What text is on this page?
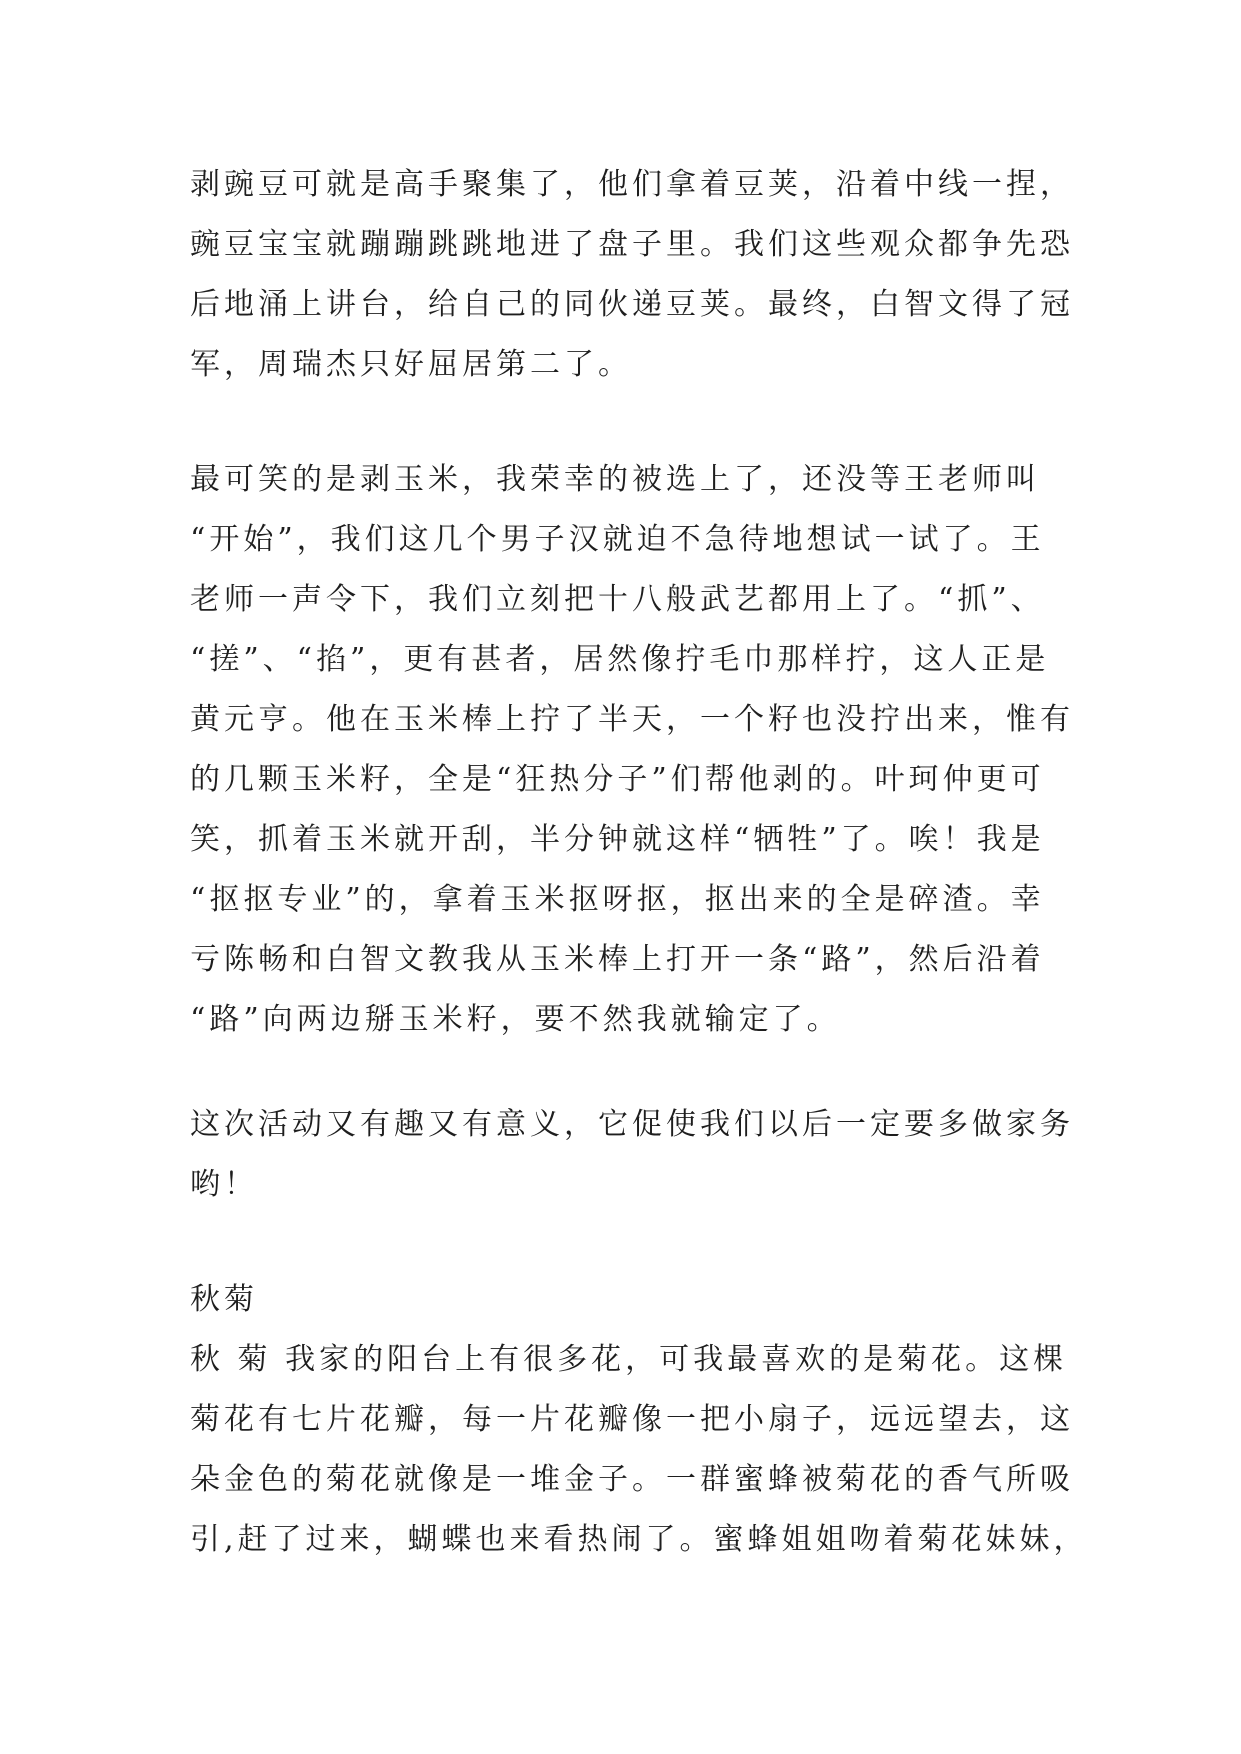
剥豌豆可就是高手聚集了，他们拿着豆荚，沿着中线一捏，
豌豆宝宝就蹦蹦跳跳地进了盘子里。我们这些观众都争先恐
后地涌上讲台，给自己的同伙递豆荚。最终，白智文得了冠
军，周瑞杰只好屈居第二了。
最可笑的是剥玉米，我荣幸的被选上了，还没等王老师叫
“开始”，我们这几个男子汉就迫不急待地想试一试了。王
老师一声令下，我们立刻把十八般武艺都用上了。“抓”、
“搓”、“掐”，更有甚者，居然像拧毛巾那样拧，这人正是
黄元亨。他在玉米棒上拧了半天，一个籽也没拧出来，惟有
的几颗玉米籽，全是“狂热分子”们帮他剥的。叶珂仲更可
笑，抓着玉米就开刮，半分钟就这样“牺牲”了。唉！我是
“抠抠专业”的，拿着玉米抠呀抠，抠出来的全是碎渣。幸
亏陈畅和白智文教我从玉米棒上打开一条“路”，然后沿着
“路”向两边掰玉米籽，要不然我就输定了。
这次活动又有趣又有意义，它促使我们以后一定要多做家务
哟！
秋菊
秋 菊 我家的阳台上有很多花，可我最喜欢的是菊花。这棵
菊花有七片花瓣，每一片花瓣像一把小扇子，远远望去，这
朵金色的菊花就像是一堆金子。一群蜜蜂被菊花的香气所吸
引,赶了过来，蝴蝶也来看热闹了。蜜蜂姐姐吻着菊花妹妹，
